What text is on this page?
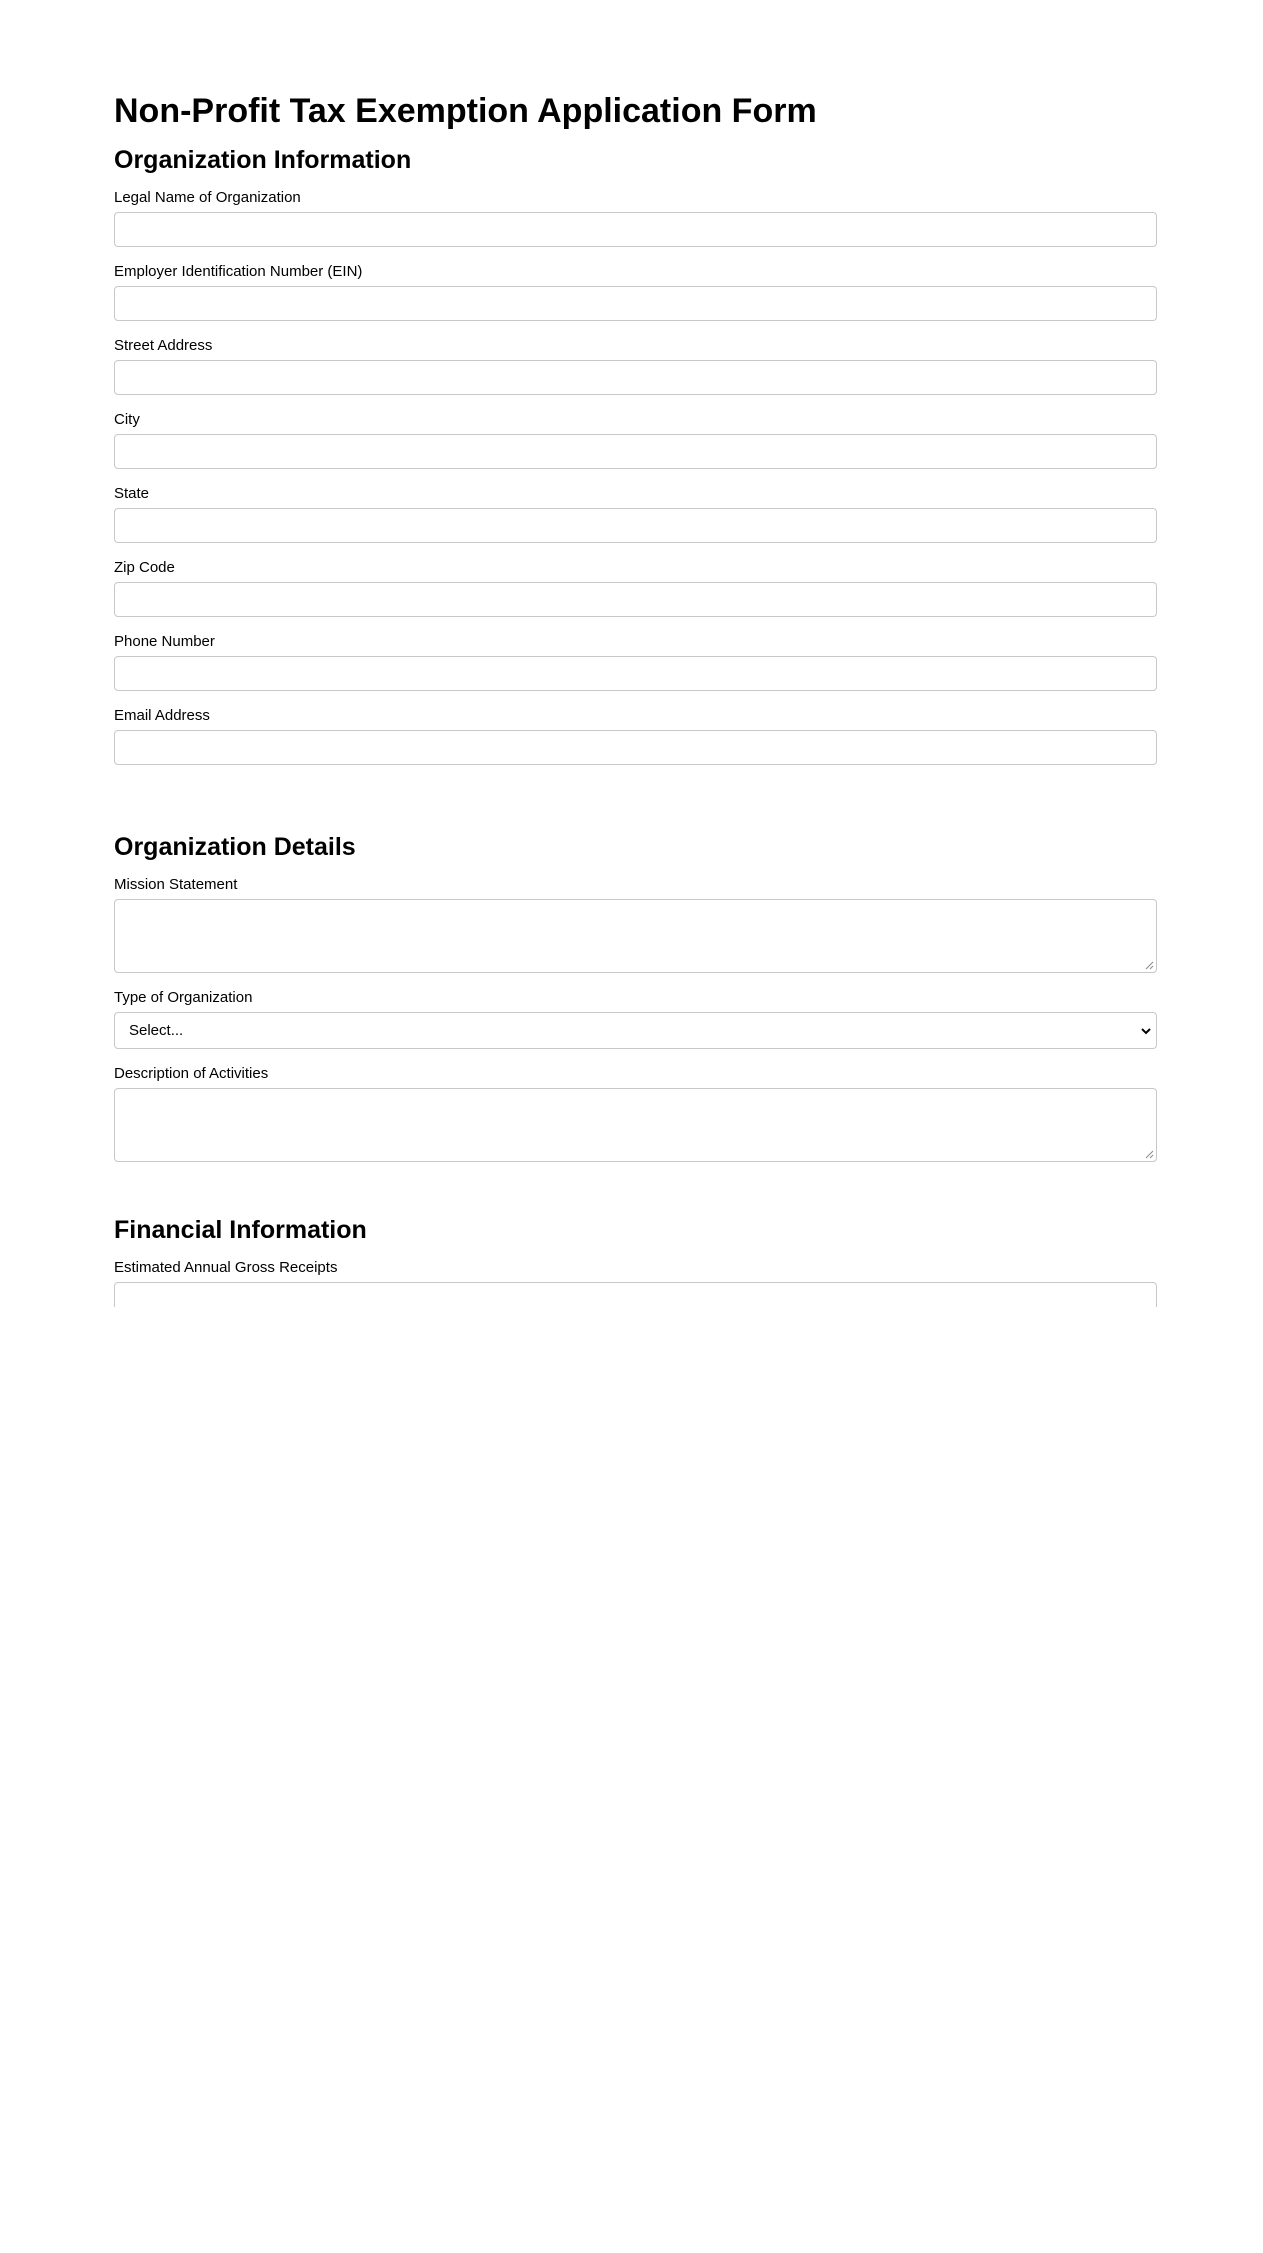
Non-Profit Tax Exemption Application Form
Organization Information
Legal Name of Organization
Employer Identification Number (EIN)
Street Address
City
State
Zip Code
Phone Number
Email Address
Organization Details
Mission Statement
Type of Organization
Select...
Description of Activities
Financial Information
Estimated Annual Gross Receipts
